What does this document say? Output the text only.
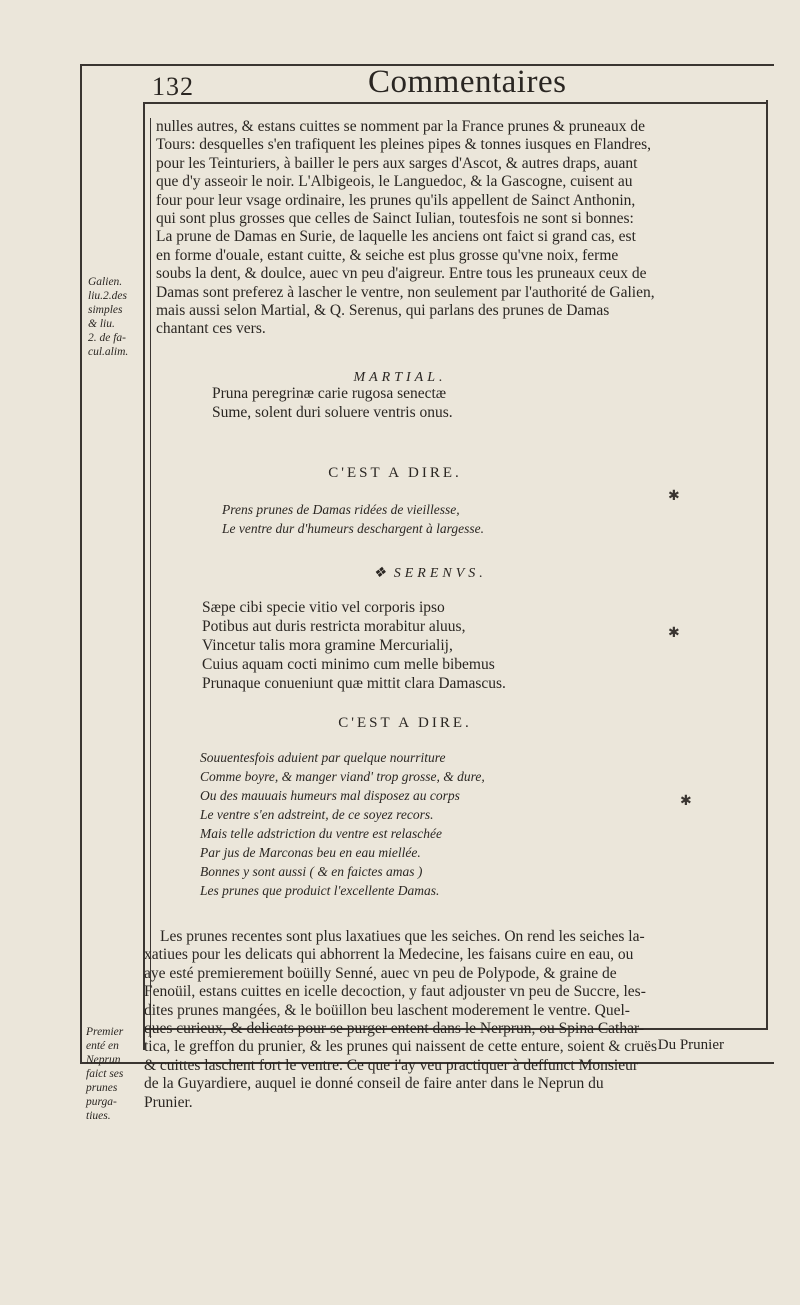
132	Commentaires
Galien.
liu.2.des
simples
& liu.
2. de fa-
cul.alim.
Premier
enté en
Neprun
faict ses
prunes
purga-
tiues.
nulles autres, & estans cuittes se nomment par la France prunes & pruneaux de
Tours: desquelles s'en trafiquent les pleines pipes & tonnes iusques en Flandres,
pour les Teinturiers, à bailler le pers aux sarges d'Ascot, & autres draps, auant
que d'y asseoir le noir. L'Albigeois, le Languedoc, & la Gascogne, cuisent au
four pour leur vsage ordinaire, les prunes qu'ils appellent de Sainct Anthonin,
qui sont plus grosses que celles de Sainct Iulian, toutesfois ne sont si bonnes:
La prune de Damas en Surie, de laquelle les anciens ont faict si grand cas, est
en forme d'ouale, estant cuitte, & seiche est plus grosse qu'vne noix, ferme
soubs la dent, & doulce, auec vn peu d'aigreur. Entre tous les pruneaux ceux de
Damas sont preferez à lascher le ventre, non seulement par l'authorité de Galien,
mais aussi selon Martial, & Q. Serenus, qui parlans des prunes de Damas
chantant ces vers.
MARTIAL.
Pruna peregrinæ carie rugosa senectæ
Sume, solent duri soluere ventris onus.
C'EST A DIRE.
Prens prunes de Damas ridées de vieillesse,
Le ventre dur d'humeurs deschargent à largesse.
❖ SERENVS.
Sæpe cibi specie vitio vel corporis ipso
Potibus aut duris restricta morabitur aluus,
Vincetur talis mora gramine Mercurialij,
Cuius aquam cocti minimo cum melle bibemus
Prunaque conueniunt quæ mittit clara Damascus.
C'EST A DIRE.
Souuentesfois aduient par quelque nourriture
Comme boyre, & manger viand' trop grosse, & dure,
Ou des mauuais humeurs mal disposez au corps
Le ventre s'en adstreint, de ce soyez recors.
Mais telle adstriction du ventre est relaschée
Par jus de Marconas beu en eau miellée.
Bonnes y sont aussi ( & en faictes amas )
Les prunes que produict l'excellente Damas.
Les prunes recentes sont plus laxatiues que les seiches. On rend les seiches la-
xatiues pour les delicats qui abhorrent la Medecine, les faisans cuire en eau, ou
aye esté premierement boüilly Senné, auec vn peu de Polypode, & graine de
Fenoüil, estans cuittes en icelle decoction, y faut adjouster vn peu de Succre, les-
dites prunes mangées, & le boüillon beu laschent moderement le ventre. Quel-
ques curieux, & delicats pour se purger entent dans le Nerprun, ou Spina Cathar-
tica, le greffon du prunier, & les prunes qui naissent de cette enture, soient & cruës
& cuittes laschent fort le ventre. Ce que i'ay veu practiquer à deffunct Monsieur
de la Guyardiere, auquel ie donné conseil de faire anter dans le Neprun du
Prunier.
Du Prunier
✱
✱
✱
